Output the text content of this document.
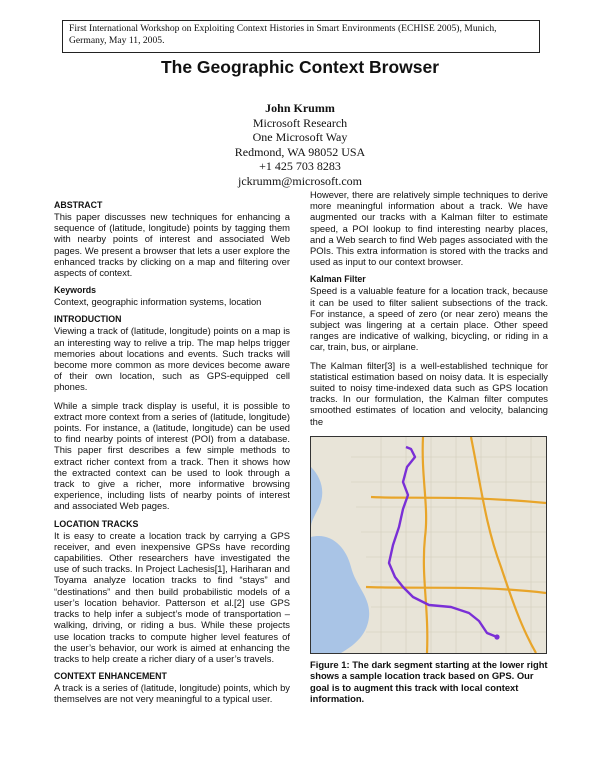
First International Workshop on Exploiting Context Histories in Smart Environments (ECHISE 2005), Munich, Germany, May 11, 2005.
The Geographic Context Browser
John Krumm
Microsoft Research
One Microsoft Way
Redmond, WA 98052 USA
+1 425 703 8283
jckrumm@microsoft.com
ABSTRACT
This paper discusses new techniques for enhancing a sequence of (latitude, longitude) points by tagging them with nearby points of interest and associated Web pages. We present a browser that lets a user explore the enhanced tracks by clicking on a map and filtering over aspects of context.
Keywords
Context, geographic information systems, location
INTRODUCTION
Viewing a track of (latitude, longitude) points on a map is an interesting way to relive a trip. The map helps trigger memories about locations and events. Such tracks will become more common as more devices become aware of their own location, such as GPS-equipped cell phones.
While a simple track display is useful, it is possible to extract more context from a series of (latitude, longitude) points. For instance, a (latitude, longitude) can be used to find nearby points of interest (POI) from a database. This paper first describes a few simple methods to extract richer context from a track. Then it shows how the extracted context can be used to look through a track to give a richer, more informative browsing experience, including lists of nearby points of interest and associated Web pages.
LOCATION TRACKS
It is easy to create a location track by carrying a GPS receiver, and even inexpensive GPSs have recording capabilities. Other researchers have investigated the use of such tracks. In Project Lachesis[1], Hariharan and Toyama analyze location tracks to find “stays” and “destinations” and then build probabilistic models of a user’s location behavior. Patterson et al.[2] use GPS tracks to help infer a subject’s mode of transportation – walking, driving, or riding a bus. While these projects use location tracks to compute higher level features of the user’s behavior, our work is aimed at enhancing the tracks to help create a richer diary of a user’s travels.
CONTEXT ENHANCEMENT
A track is a series of (latitude, longitude) points, which by themselves are not very meaningful to a typical user.
However, there are relatively simple techniques to derive more meaningful information about a track. We have augmented our tracks with a Kalman filter to estimate speed, a POI lookup to find interesting nearby places, and a Web search to find Web pages associated with the POIs. This extra information is stored with the tracks and used as input to our context browser.
Kalman Filter
Speed is a valuable feature for a location track, because it can be used to filter salient subsections of the track. For instance, a speed of zero (or near zero) means the subject was lingering at a certain place. Other speed ranges are indicative of walking, bicycling, or riding in a car, train, bus, or airplane.
The Kalman filter[3] is a well-established technique for statistical estimation based on noisy data. It is especially suited to noisy time-indexed data such as GPS location tracks. In our formulation, the Kalman filter computes smoothed estimates of location and velocity, balancing the
Figure 1: The dark segment starting at the lower right shows a sample location track based on GPS. Our goal is to augment this track with local context information.
